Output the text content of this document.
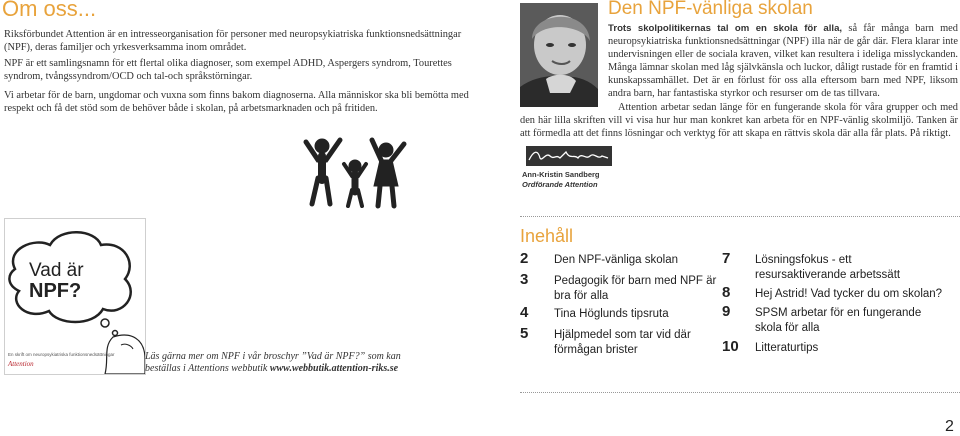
Om oss...
Riksförbundet Attention är en intresseorganisation för personer med neuropsykiatriska funktionsnedsättningar (NPF), deras familjer och yrkesverksamma inom området.
NPF är ett samlingsnamn för ett flertal olika diagnoser, som exempel ADHD, Aspergers syndrom, Tourettes syndrom, tvångssyndrom/OCD och tal-och språkstörningar.
Vi arbetar för de barn, ungdomar och vuxna som finns bakom diagnoserna. Alla människor ska bli bemötta med respekt och få det stöd som de behöver både i skolan, på arbetsmarknaden och på fritiden.
Vad är
NPF?
En skrift om neuropsykiatriska funktionsnedsättningar
Attention
Läs gärna mer om NPF i vår broschyr ”Vad är NPF?” som kan beställas i Attentions webbutik www.webbutik.attention-riks.se
Den NPF-vänliga skolan
Trots skolpolitikernas tal om en skola för alla, så får många barn med neuropsykiatriska funktionsnedsättningar (NPF) illa när de går där. Flera klarar inte undervisningen eller de sociala kraven, vilket kan resultera i ideliga misslyckanden. Många lämnar skolan med låg självkänsla och luckor, dåligt rustade för en framtid i kunskapssamhället. Det är en förlust för oss alla eftersom barn med NPF, liksom andra barn, har fantastiska styrkor och resurser om de tas tillvara.
Attention arbetar sedan länge för en fungerande skola för våra grupper och med den här lilla skriften vill vi visa hur hur man konkret kan arbeta för en NPF-vänlig skolmiljö. Tanken är att förmedla att det finns lösningar och verktyg för att skapa en rättvis skola där alla får plats. På riktigt.
Ann-Kristin Sandberg
Ordförande Attention
Inehåll
2 Den NPF-vänliga skolan
3 Pedagogik för barn med NPF är bra för alla
4 Tina Höglunds tipsruta
5 Hjälpmedel som tar vid där förmågan brister
7 Lösningsfokus - ett resursaktiverande arbetssätt
8 Hej Astrid! Vad tycker du om skolan?
9 SPSM arbetar för en fungerande skola för alla
10 Litteraturtips
2
